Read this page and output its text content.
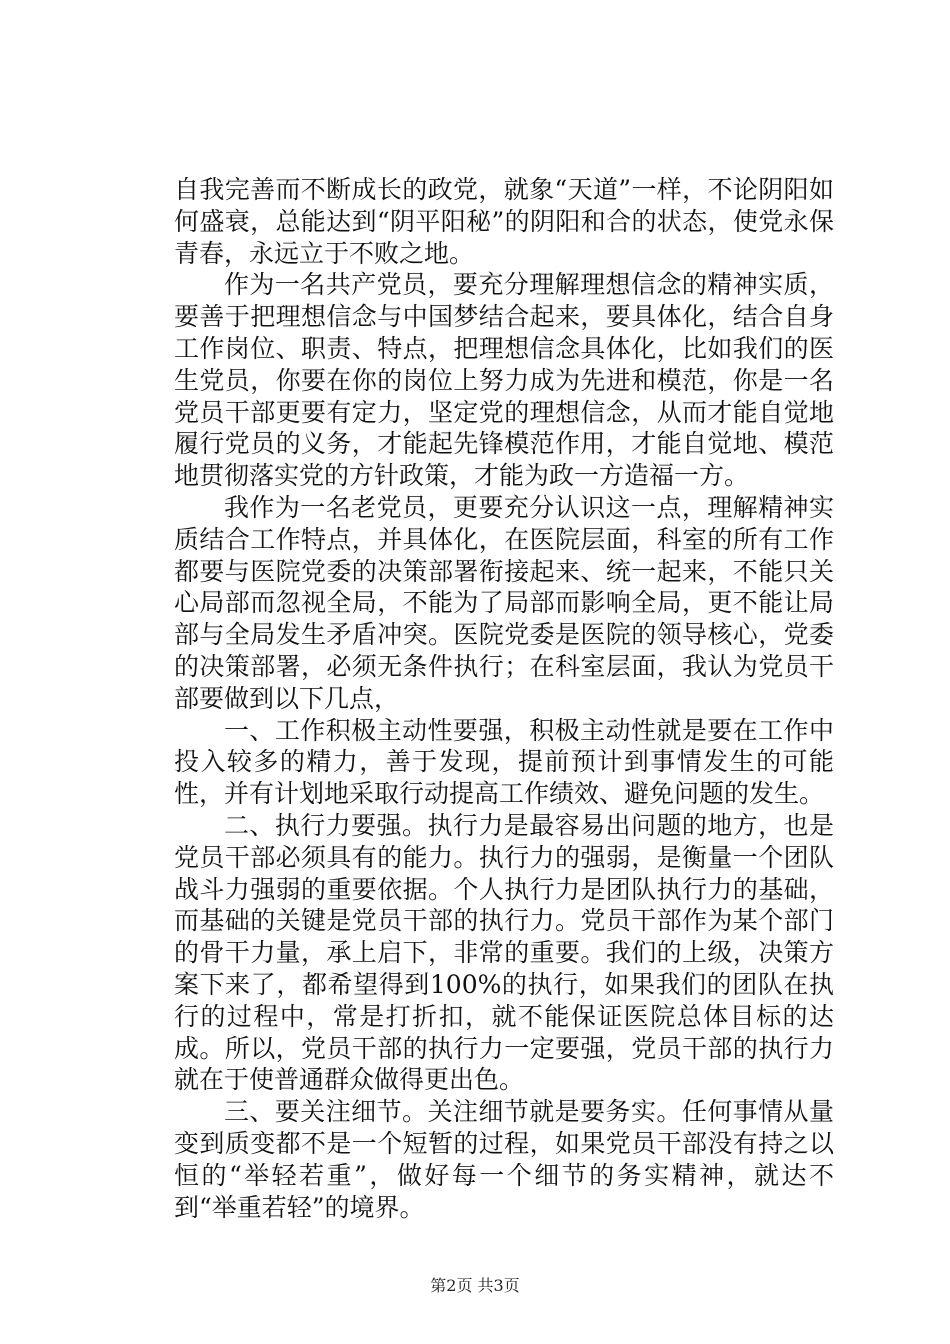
自我完善而不断成长的政党，就象“天道”一样，不论阴阳如何盛衰，总能达到“阴平阳秘”的阴阳和合的状态，使党永保青春，永远立于不败之地。

作为一名共产党员，要充分理解理想信念的精神实质，要善于把理想信念与中国梦结合起来，要具体化，结合自身工作岗位、职责、特点，把理想信念具体化，比如我们的医生党员，你要在你的岗位上努力成为先进和模范，你是一名党员干部更要有定力，坚定党的理想信念，从而才能自觉地履行党员的义务，才能起先锋模范作用，才能自觉地、模范地贯彻落实党的方针政策，才能为政一方造福一方。

我作为一名老党员，更要充分认识这一点，理解精神实质结合工作特点，并具体化，在医院层面，科室的所有工作都要与医院党委的决策部署衔接起来、统一起来，不能只关心局部而忽视全局，不能为了局部而影响全局，更不能让局部与全局发生矛盾冲突。医院党委是医院的领导核心，党委的决策部署，必须无条件执行；在科室层面，我认为党员干部要做到以下几点，

一、工作积极主动性要强，积极主动性就是要在工作中投入较多的精力，善于发现，提前预计到事情发生的可能性，并有计划地采取行动提高工作绩效、避免问题的发生。

二、执行力要强。执行力是最容易出问题的地方，也是党员干部必须具有的能力。执行力的强弱，是衡量一个团队战斗力强弱的重要依据。个人执行力是团队执行力的基础，而基础的关键是党员干部的执行力。党员干部作为某个部门的骨干力量，承上启下，非常的重要。我们的上级，决策方案下来了，都希望得到100%的执行，如果我们的团队在执行的过程中，常是打折扣，就不能保证医院总体目标的达成。所以，党员干部的执行力一定要强，党员干部的执行力就在于使普通群众做得更出色。

三、要关注细节。关注细节就是要务实。任何事情从量变到质变都不是一个短暂的过程，如果党员干部没有持之以恒的“举轻若重”，做好每一个细节的务实精神，就达不到“举重若轻”的境界。

第2页 共3页
